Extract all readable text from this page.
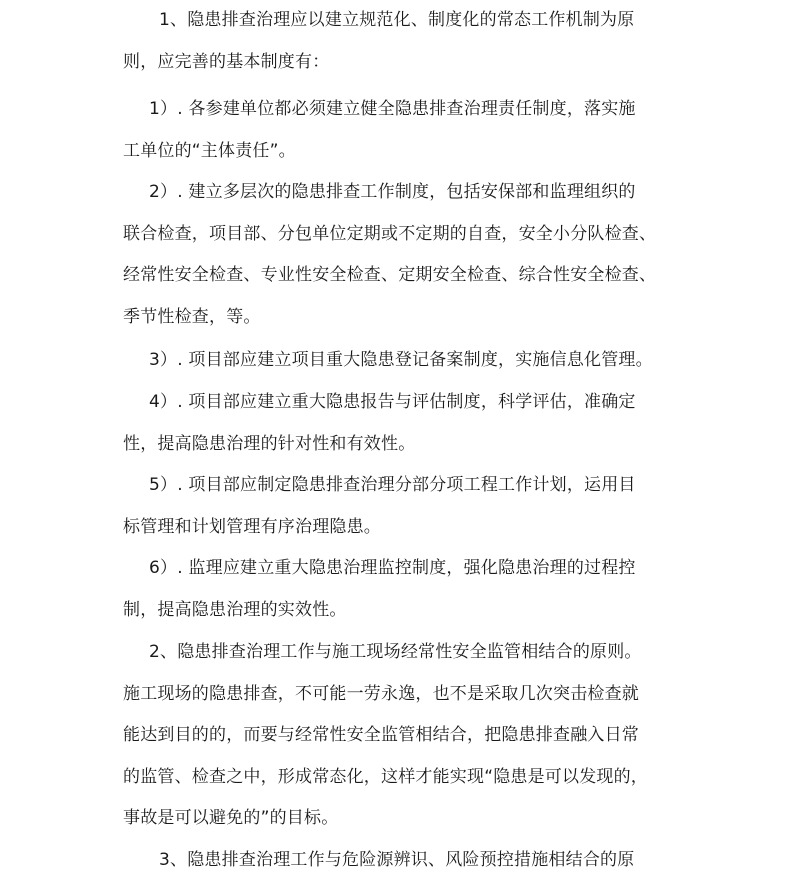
1、隐患排查治理应以建立规范化、制度化的常态工作机制为原
则，应完善的基本制度有：
1）. 各参建单位都必须建立健全隐患排查治理责任制度，落实施
工单位的“主体责任”。
2）. 建立多层次的隐患排查工作制度，包括安保部和监理组织的
联合检查，项目部、分包单位定期或不定期的自查，安全小分队检查、
经常性安全检查、专业性安全检查、定期安全检查、综合性安全检查、
季节性检查，等。
3）. 项目部应建立项目重大隐患登记备案制度，实施信息化管理。
4）. 项目部应建立重大隐患报告与评估制度，科学评估，准确定
性，提高隐患治理的针对性和有效性。
5）. 项目部应制定隐患排查治理分部分项工程工作计划，运用目
标管理和计划管理有序治理隐患。
6）. 监理应建立重大隐患治理监控制度，强化隐患治理的过程控
制，提高隐患治理的实效性。
2、隐患排查治理工作与施工现场经常性安全监管相结合的原则。
施工现场的隐患排查，不可能一劳永逸，也不是采取几次突击检查就
能达到目的的，而要与经常性安全监管相结合，把隐患排查融入日常
的监管、检查之中，形成常态化，这样才能实现“隐患是可以发现的，
事故是可以避免的”的目标。
3、隐患排查治理工作与危险源辨识、风险预控措施相结合的原
